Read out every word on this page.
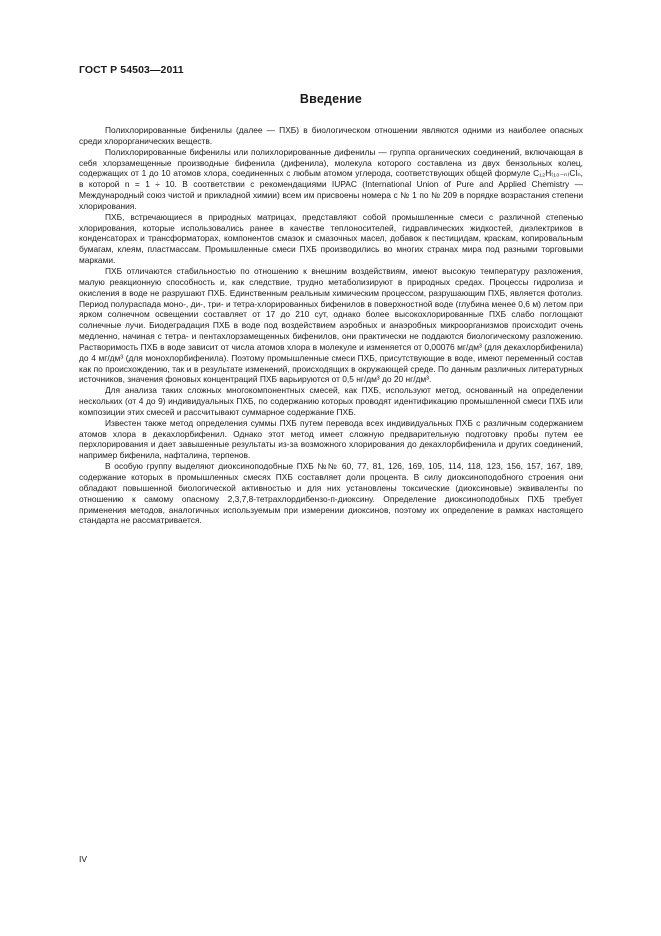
ГОСТ Р 54503—2011
Введение

Полихлорированные бифенилы (далее — ПХБ) в биологическом отношении являются одними из наиболее опасных среди хлорорганических веществ.

Полихлорированные бифенилы или полихлорированные дифенилы — группа органических соединений, включающая в себя хлорзамещенные производные бифенила (дифенила), молекула которого составлена из двух бензольных колец, содержащих от 1 до 10 атомов хлора, соединенных с любым атомом углерода, соответствующих общей формуле C₁₂H₍₁₀₋ₙ₎Clₙ, в которой n = 1 ÷ 10. В соответствии с рекомендациями IUPAC (International Union of Pure and Applied Chemistry — Международный союз чистой и прикладной химии) всем им присвоены номера с № 1 по № 209 в порядке возрастания степени хлорирования.

ПХБ, встречающиеся в природных матрицах, представляют собой промышленные смеси с различной степенью хлорирования, которые использовались ранее в качестве теплоносителей, гидравлических жидкостей, диэлектриков в конденсаторах и трансформаторах, компонентов смазок и смазочных масел, добавок к пестицидам, краскам, копировальным бумагам, клеям, пластмассам. Промышленные смеси ПХБ производились во многих странах мира под разными торговыми марками.

ПХБ отличаются стабильностью по отношению к внешним воздействиям, имеют высокую температуру разложения, малую реакционную способность и, как следствие, трудно метаболизируют в природных средах. Процессы гидролиза и окисления в воде не разрушают ПХБ. Единственным реальным химическим процессом, разрушающим ПХБ, является фотолиз. Период полураспада моно-, ди-, три- и тетра-хлорированных бифенилов в поверхностной воде (глубина менее 0,6 м) летом при ярком солнечном освещении составляет от 17 до 210 сут, однако более высокохлорированные ПХБ слабо поглощают солнечные лучи. Биодеградация ПХБ в воде под воздействием аэробных и анаэробных микроорганизмов происходит очень медленно, начиная с тетра- и пентахлорзамещенных бифенилов, они практически не поддаются биологическому разложению. Растворимость ПХБ в воде зависит от числа атомов хлора в молекуле и изменяется от 0,00076 мг/дм³ (для декахлорбифенила) до 4 мг/дм³ (для монохлорбифенила). Поэтому промышленные смеси ПХБ, присутствующие в воде, имеют переменный состав как по происхождению, так и в результате изменений, происходящих в окружающей среде. По данным различных литературных источников, значения фоновых концентраций ПХБ варьируются от 0,5 нг/дм³ до 20 нг/дм³.

Для анализа таких сложных многокомпонентных смесей, как ПХБ, используют метод, основанный на определении нескольких (от 4 до 9) индивидуальных ПХБ, по содержанию которых проводят идентификацию промышленной смеси ПХБ или композиции этих смесей и рассчитывают суммарное содержание ПХБ.

Известен также метод определения суммы ПХБ путем перевода всех индивидуальных ПХБ с различным содержанием атомов хлора в декахлорбифенил. Однако этот метод имеет сложную предварительную подготовку пробы путем ее перхлорирования и дает завышенные результаты из-за возможного хлорирования до декахлорбифенила и других соединений, например бифенила, нафталина, терпенов.

В особую группу выделяют диоксиноподобные ПХБ №№ 60, 77, 81, 126, 169, 105, 114, 118, 123, 156, 157, 167, 189, содержание которых в промышленных смесях ПХБ составляет доли процента. В силу диоксиноподобного строения они обладают повышенной биологической активностью и для них установлены токсические (диоксиновые) эквиваленты по отношению к самому опасному 2,3,7,8-тетрахлордибензо-п-диоксину. Определение диоксиноподобных ПХБ требует применения методов, аналогичных используемым при измерении диоксинов, поэтому их определение в рамках настоящего стандарта не рассматривается.

IV
